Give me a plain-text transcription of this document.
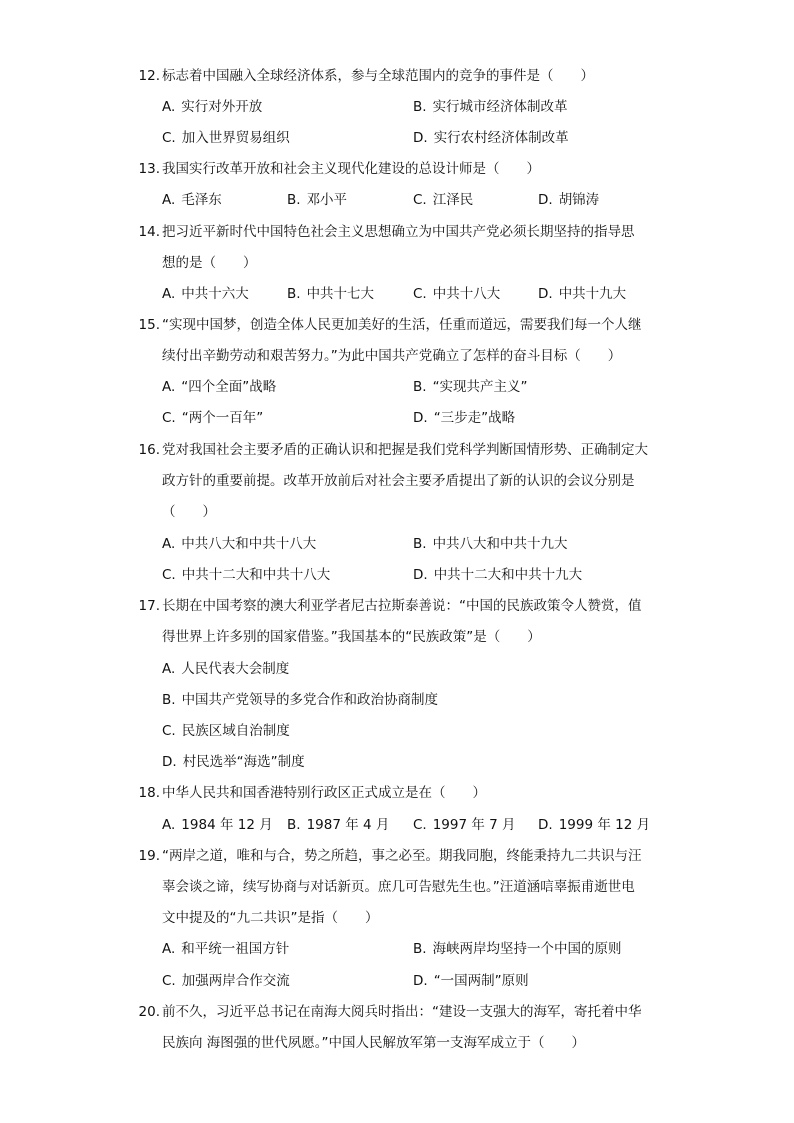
12. 标志着中国融入全球经济体系，参与全球范围内的竞争的事件是（　　）
A. 实行对外开放	B. 实行城市经济体制改革
C. 加入世界贸易组织	D. 实行农村经济体制改革
13. 我国实行改革开放和社会主义现代化建设的总设计师是（　　）
A. 毛泽东	B. 邓小平	C. 江泽民	D. 胡锦涛
14. 把习近平新时代中国特色社会主义思想确立为中国共产党必须长期坚持的指导思
想的是（　　）
A. 中共十六大	B. 中共十七大	C. 中共十八大	D. 中共十九大
15. “实现中国梦，创造全体人民更加美好的生活，任重而道远，需要我们每一个人继
续付出辛勤劳动和艰苦努力。”为此中国共产党确立了怎样的奋斗目标（　　）
A. “四个全面”战略	B. “实现共产主义”
C. “两个一百年”	D. “三步走”战略
16. 党对我国社会主要矛盾的正确认识和把握是我们党科学判断国情形势、正确制定大
政方针的重要前提。改革开放前后对社会主要矛盾提出了新的认识的会议分别是
（　　）
A. 中共八大和中共十八大	B. 中共八大和中共十九大
C. 中共十二大和中共十八大	D. 中共十二大和中共十九大
17. 长期在中国考察的澳大利亚学者尼古拉斯泰善说：“中国的民族政策令人赞赏，值
得世界上许多别的国家借鉴。”我国基本的“民族政策”是（　　）
A. 人民代表大会制度
B. 中国共产党领导的多党合作和政治协商制度
C. 民族区域自治制度
D. 村民选举“海选”制度
18. 中华人民共和国香港特别行政区正式成立是在（　　）
A. 1984 年 12 月 B. 1987 年 4 月 C. 1997 年 7 月 D. 1999 年 12 月
19. “两岸之道，唯和与合，势之所趋，事之必至。期我同胞，终能秉持九二共识与汪
辜会谈之谛，续写协商与对话新页。庶几可告慰先生也。”汪道涵唁辜振甫逝世电
文中提及的“九二共识”是指（　　）
A. 和平统一祖国方针	B. 海峡两岸均坚持一个中国的原则
C. 加强两岸合作交流	D. “一国两制”原则
20. 前不久，习近平总书记在南海大阅兵时指出：“建设一支强大的海军，寄托着中华
民族向 海图强的世代夙愿。”中国人民解放军第一支海军成立于（　　）
